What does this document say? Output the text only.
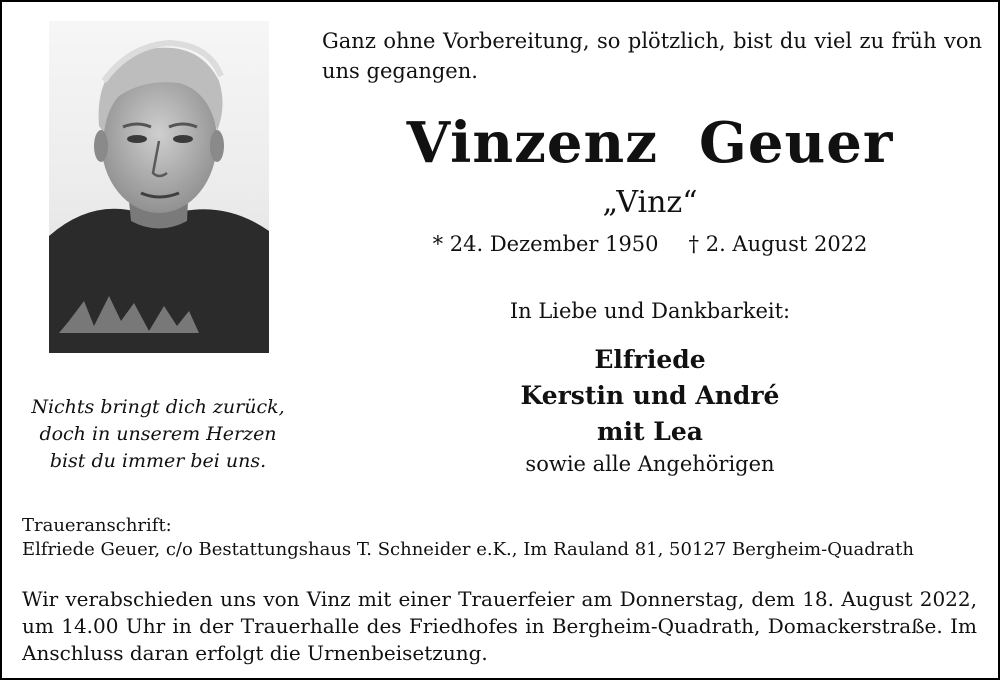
Ganz ohne Vorbereitung, so plötzlich, bist du viel zu früh von uns gegangen.
Vinzenz  Geuer
„Vinz“
* 24. Dezember 1950 † 2. August 2022
In Liebe und Dankbarkeit:
Elfriede
Kerstin und André
mit Lea
sowie alle Angehörigen
Nichts bringt dich zurück,
doch in unserem Herzen
bist du immer bei uns.
Traueranschrift:
Elfriede Geuer, c/o Bestattungshaus T. Schneider e.K., Im Rauland 81, 50127 Bergheim-Quadrath
Wir verabschieden uns von Vinz mit einer Trauerfeier am Donnerstag, dem 18. August 2022, um 14.00 Uhr in der Trauerhalle des Friedhofes in Bergheim-Quadrath, Domackerstraße. Im Anschluss daran erfolgt die Urnenbeisetzung.
